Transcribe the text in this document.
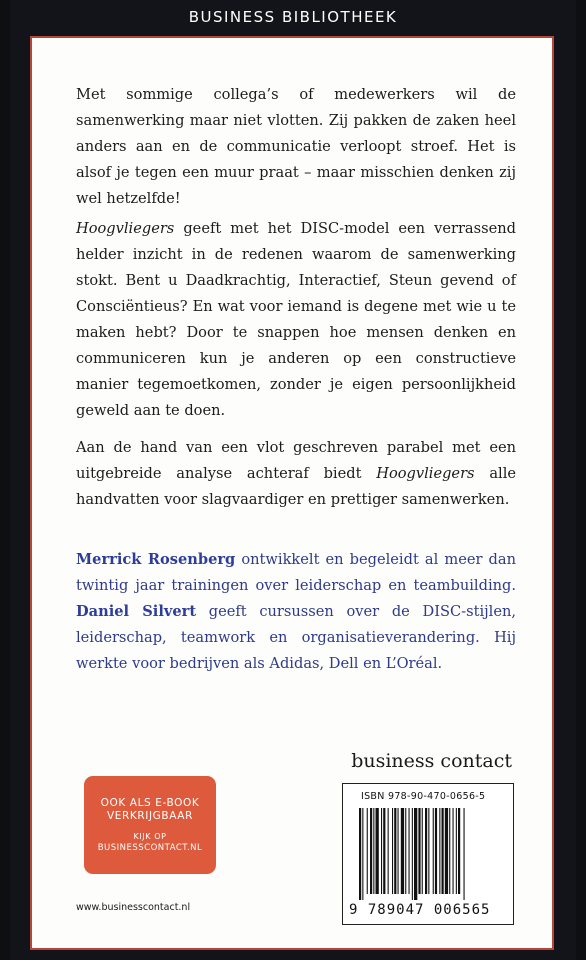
BUSINESS BIBLIOTHEEK

Met sommige collega’s of medewerkers wil de samenwerking maar niet vlotten. Zij pakken de zaken heel anders aan en de communicatie verloopt stroef. Het is alsof je tegen een muur praat – maar misschien denken zij wel hetzelfde!

Hoogvliegers geeft met het DISC-model een verrassend helder inzicht in de redenen waarom de samenwerking stokt. Bent u Daadkrachtig, Interactief, Steun gevend of Consciëntieus? En wat voor iemand is degene met wie u te maken hebt? Door te snappen hoe mensen denken en communiceren kun je anderen op een constructieve manier tegemoetkomen, zonder je eigen persoonlijkheid geweld aan te doen.

Aan de hand van een vlot geschreven parabel met een uitgebreide analyse achteraf biedt Hoogvliegers alle handvatten voor slagvaardiger en prettiger samenwerken.

Merrick Rosenberg ontwikkelt en begeleidt al meer dan twintig jaar trainingen over leiderschap en teambuilding. Daniel Silvert geeft cursussen over de DISC-stijlen, leiderschap, teamwork en organisatieverandering. Hij werkte voor bedrijven als Adidas, Dell en L’Oréal.

business contact
OOK ALS E-BOOK
VERKRIJGBAAR
KIJK OP
BUSINESSCONTACT.NL
www.businesscontact.nl
ISBN 978-90-470-0656-5
9 789047 006565
